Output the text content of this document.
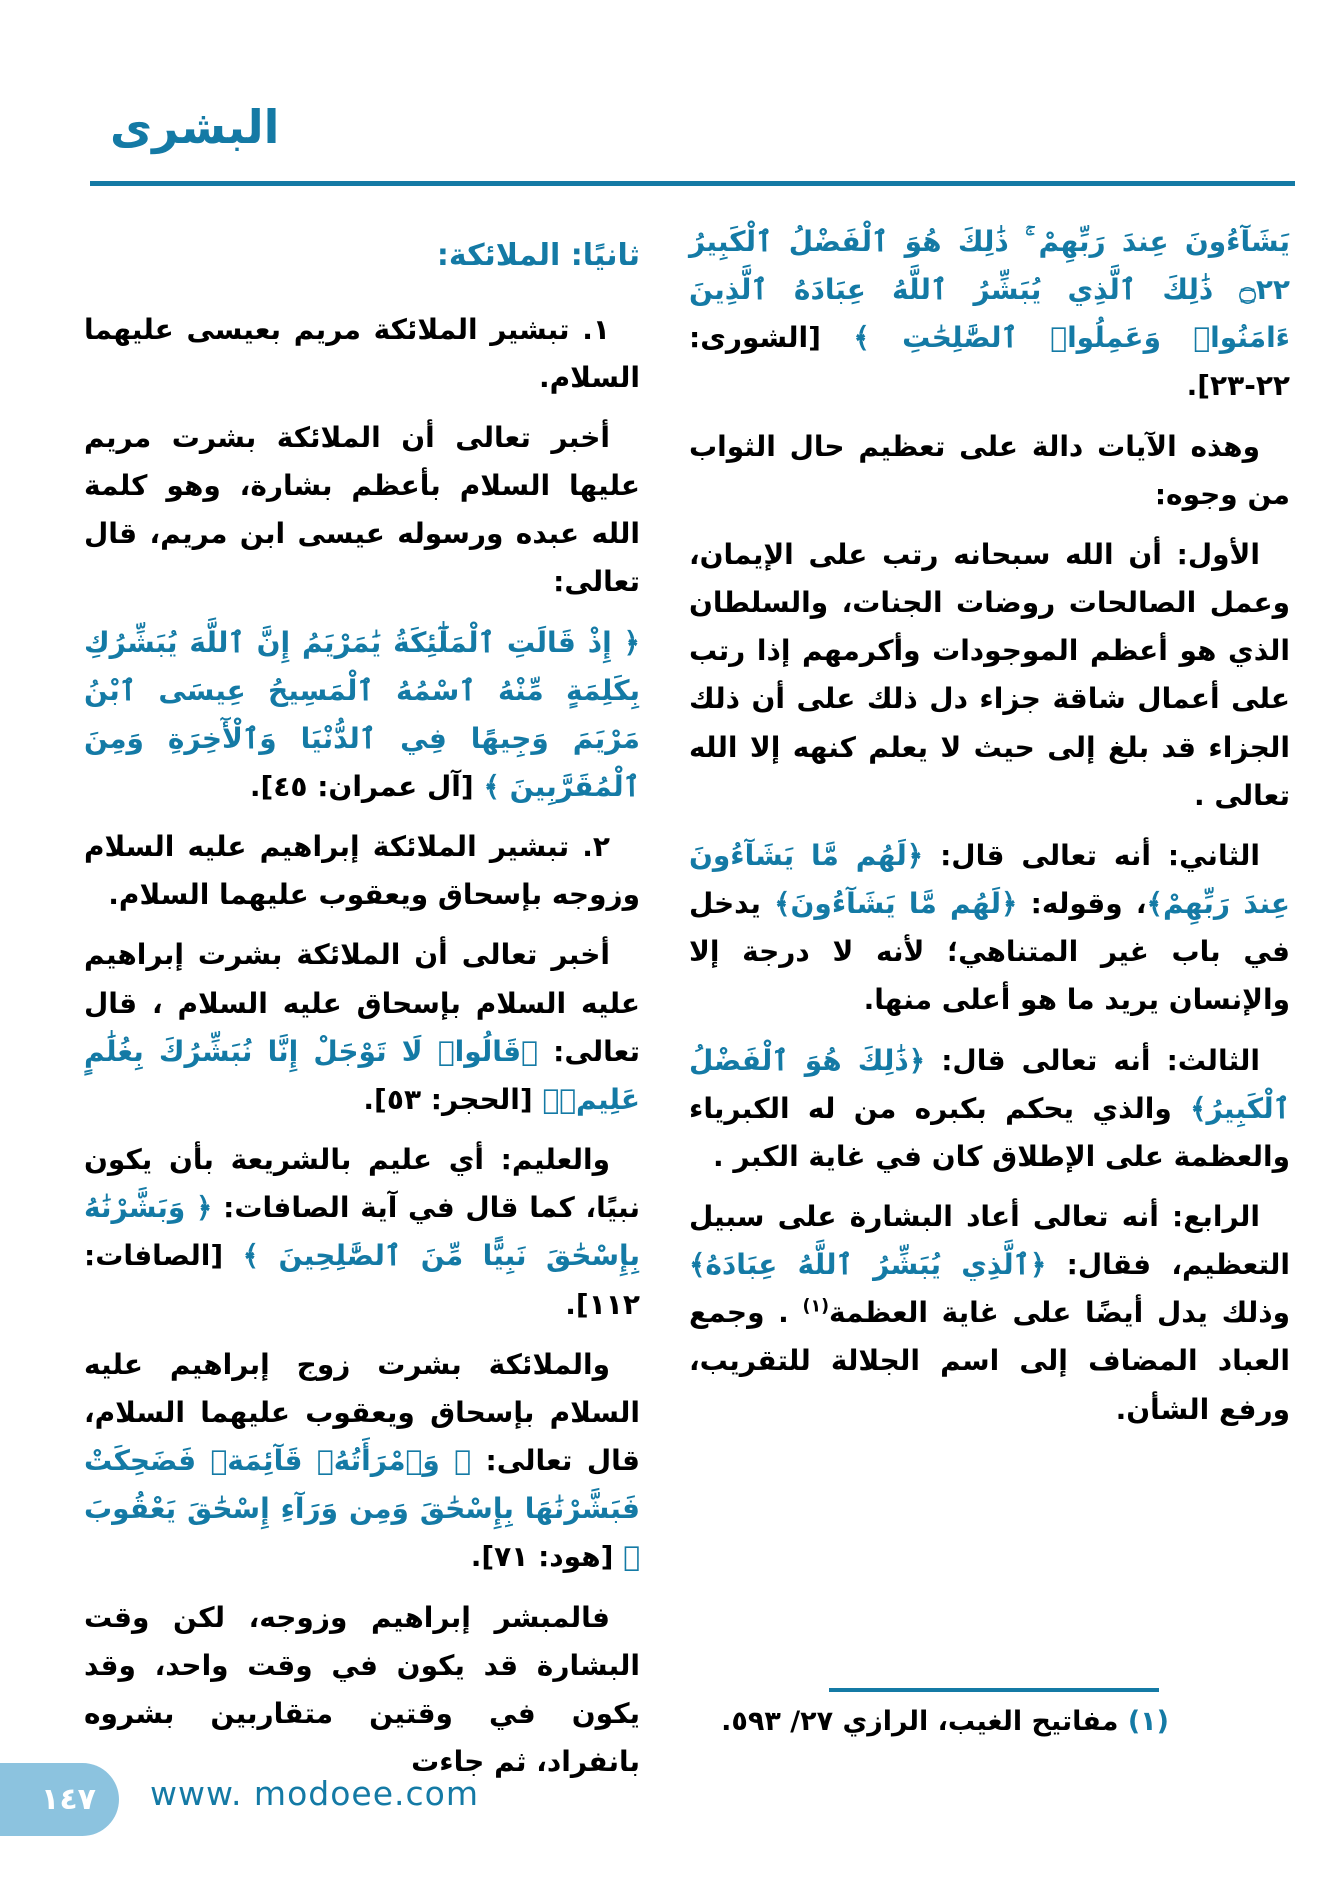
البشرى

يَشَآءُونَ عِندَ رَبِّهِمْ ۚ ذَٰلِكَ هُوَ ٱلْفَضْلُ ٱلْكَبِيرُ ۝٢٢ ذَٰلِكَ ٱلَّذِي يُبَشِّرُ ٱللَّهُ عِبَادَهُ ٱلَّذِينَ ءَامَنُوا۟ وَعَمِلُوا۟ ٱلصَّٰلِحَٰتِ ﴾ [الشورى: ٢٢-٢٣].

وهذه الآيات دالة على تعظيم حال الثواب من وجوه:

الأول: أن الله سبحانه رتب على الإيمان، وعمل الصالحات روضات الجنات، والسلطان الذي هو أعظم الموجودات وأكرمهم إذا رتب على أعمال شاقة جزاء دل ذلك على أن ذلك الجزاء قد بلغ إلى حيث لا يعلم كنهه إلا الله تعالى .

الثاني: أنه تعالى قال: ﴿لَهُم مَّا يَشَآءُونَ عِندَ رَبِّهِمْ﴾، وقوله: ﴿لَهُم مَّا يَشَآءُونَ﴾ يدخل في باب غير المتناهي؛ لأنه لا درجة إلا والإنسان يريد ما هو أعلى منها.

الثالث: أنه تعالى قال: ﴿ذَٰلِكَ هُوَ ٱلْفَضْلُ ٱلْكَبِيرُ﴾ والذي يحكم بكبره من له الكبرياء والعظمة على الإطلاق كان في غاية الكبر .

الرابع: أنه تعالى أعاد البشارة على سبيل التعظيم، فقال: ﴿ٱلَّذِي يُبَشِّرُ ٱللَّهُ عِبَادَهُ﴾ وذلك يدل أيضًا على غاية العظمة$^{(١)}$ . وجمع العباد المضاف إلى اسم الجلالة للتقريب، ورفع الشأن.

ثانيًا: الملائكة:

١. تبشير الملائكة مريم بعيسى عليهما السلام.

أخبر تعالى أن الملائكة بشرت مريم عليها السلام بأعظم بشارة، وهو كلمة الله عبده ورسوله عيسى ابن مريم، قال تعالى:

﴿ إِذْ قَالَتِ ٱلْمَلَٰٓئِكَةُ يَٰمَرْيَمُ إِنَّ ٱللَّهَ يُبَشِّرُكِ بِكَلِمَةٍ مِّنْهُ ٱسْمُهُ ٱلْمَسِيحُ عِيسَى ٱبْنُ مَرْيَمَ وَجِيهًا فِي ٱلدُّنْيَا وَٱلْأٓخِرَةِ وَمِنَ ٱلْمُقَرَّبِينَ ﴾ [آل عمران: ٤٥].

٢. تبشير الملائكة إبراهيم عليه السلام وزوجه بإسحاق ويعقوب عليهما السلام.

أخبر تعالى أن الملائكة بشرت إبراهيم عليه السلام بإسحاق عليه السلام ، قال تعالى: ﴿قَالُوا۟ لَا تَوْجَلْ إِنَّا نُبَشِّرُكَ بِغُلَٰمٍ عَلِيمٖ﴾ [الحجر: ٥٣].

والعليم: أي عليم بالشريعة بأن يكون نبيًا، كما قال في آية الصافات: ﴿ وَبَشَّرْنَٰهُ بِإِسْحَٰقَ نَبِيًّا مِّنَ ٱلصَّٰلِحِينَ ﴾ [الصافات: ١١٢].

والملائكة بشرت زوج إبراهيم عليه السلام بإسحاق ويعقوب عليهما السلام، قال تعالى: ﴿ وَٱمْرَأَتُهُۥ قَآئِمَةٞ فَضَحِكَتْ فَبَشَّرْنَٰهَا بِإِسْحَٰقَ وَمِن وَرَآءِ إِسْحَٰقَ يَعْقُوبَ ﴾ [هود: ٧١].

فالمبشر إبراهيم وزوجه، لكن وقت البشارة قد يكون في وقت واحد، وقد يكون في وقتين متقاربين بشروه بانفراد، ثم جاءت

(١) مفاتيح الغيب، الرازي ٢٧/ ٥٩٣.
١٤٧ www. modoee.com
